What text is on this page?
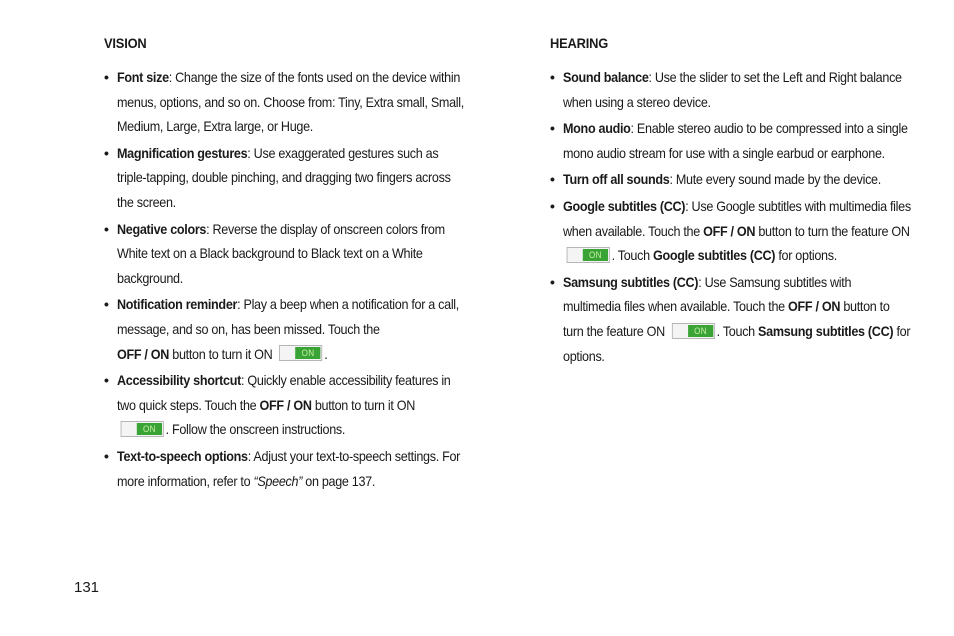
VISION
• Font size: Change the size of the fonts used on the device within menus, options, and so on. Choose from: Tiny, Extra small, Small, Medium, Large, Extra large, or Huge.
• Magnification gestures: Use exaggerated gestures such as triple-tapping, double pinching, and dragging two fingers across the screen.
• Negative colors: Reverse the display of onscreen colors from White text on a Black background to Black text on a White background.
• Notification reminder: Play a beep when a notification for a call, message, and so on, has been missed. Touch the
OFF / ON button to turn it ON	ON .
• Accessibility shortcut: Quickly enable accessibility features in two quick steps. Touch the OFF / ON button to turn it ON
ON . Follow the onscreen instructions.
• Text-to-speech options: Adjust your text-to-speech settings. For more information, refer to “Speech” on page 137.
HEARING
• Sound balance: Use the slider to set the Left and Right balance when using a stereo device.
• Mono audio: Enable stereo audio to be compressed into a single mono audio stream for use with a single earbud or earphone.
• Turn off all sounds: Mute every sound made by the device.
• Google subtitles (CC): Use Google subtitles with multimedia files when available. Touch the OFF / ON button to turn the feature ON
ON . Touch Google subtitles (CC) for options.
• Samsung subtitles (CC): Use Samsung subtitles with multimedia files when available. Touch the OFF / ON button to turn the feature ON	ON . Touch Samsung subtitles (CC) for options.
131
